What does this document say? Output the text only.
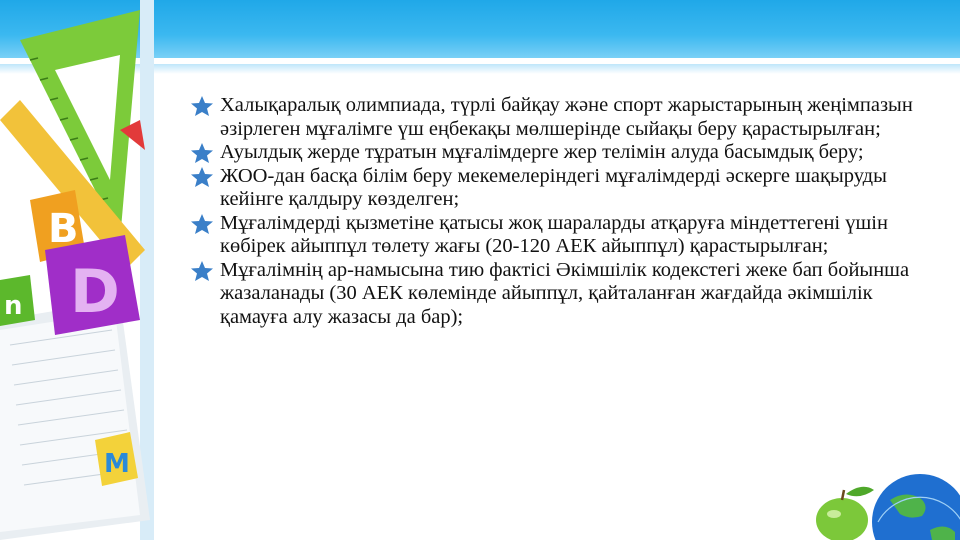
B
D
n
M
Халықаралық олимпиада, түрлі байқау және спорт жарыстарының жеңімпазын әзірлеген мұғалімге үш еңбекақы мөлшерінде сыйақы беру қарастырылған;
Ауылдық жерде тұратын мұғалімдерге жер телімін алуда басымдық беру;
ЖОО-дан басқа білім беру мекемелеріндегі мұғалімдерді әскерге шақыруды кейінге қалдыру көзделген;
Мұғалімдерді қызметіне қатысы жоқ шараларды атқаруға міндеттегені үшін көбірек айыппұл төлету жағы (20-120 АЕК айыппұл) қарастырылған;
Мұғалімнің ар-намысына тию фактісі Әкімшілік кодекстегі жеке бап бойынша жазаланады (30 АЕК көлемінде айыппұл, қайталанған жағдайда әкімшілік қамауға алу жазасы да бар);
